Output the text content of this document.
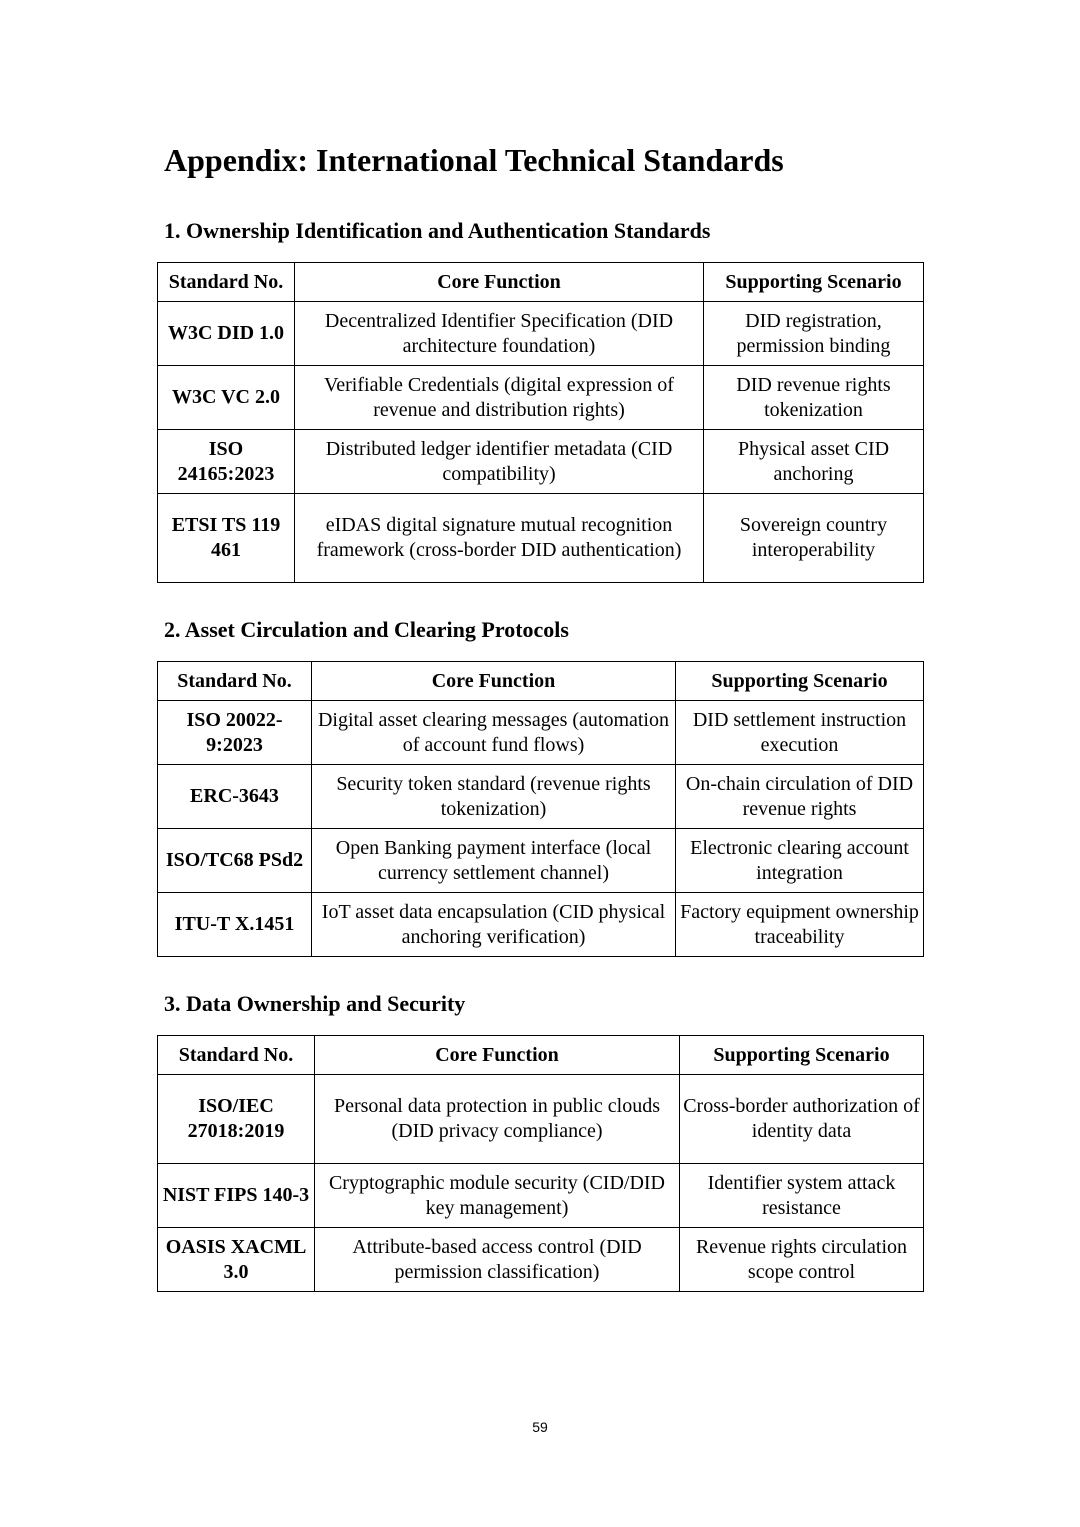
Appendix: International Technical Standards
1. Ownership Identification and Authentication Standards
Standard No.	Core Function	Supporting Scenario
W3C DID 1.0	Decentralized Identifier Specification (DID architecture foundation)	DID registration, permission binding
W3C VC 2.0	Verifiable Credentials (digital expression of revenue and distribution rights)	DID revenue rights tokenization
ISO 24165:2023	Distributed ledger identifier metadata (CID compatibility)	Physical asset CID anchoring
ETSI TS 119 461	eIDAS digital signature mutual recognition framework (cross-border DID authentication)	Sovereign country interoperability
2. Asset Circulation and Clearing Protocols
Standard No.	Core Function	Supporting Scenario
ISO 20022-9:2023	Digital asset clearing messages (automation of account fund flows)	DID settlement instruction execution
ERC-3643	Security token standard (revenue rights tokenization)	On-chain circulation of DID revenue rights
ISO/TC68 PSd2	Open Banking payment interface (local currency settlement channel)	Electronic clearing account integration
ITU-T X.1451	IoT asset data encapsulation (CID physical anchoring verification)	Factory equipment ownership traceability
3. Data Ownership and Security
Standard No.	Core Function	Supporting Scenario
ISO/IEC 27018:2019	Personal data protection in public clouds (DID privacy compliance)	Cross-border authorization of identity data
NIST FIPS 140-3	Cryptographic module security (CID/DID key management)	Identifier system attack resistance
OASIS XACML 3.0	Attribute-based access control (DID permission classification)	Revenue rights circulation scope control
59
